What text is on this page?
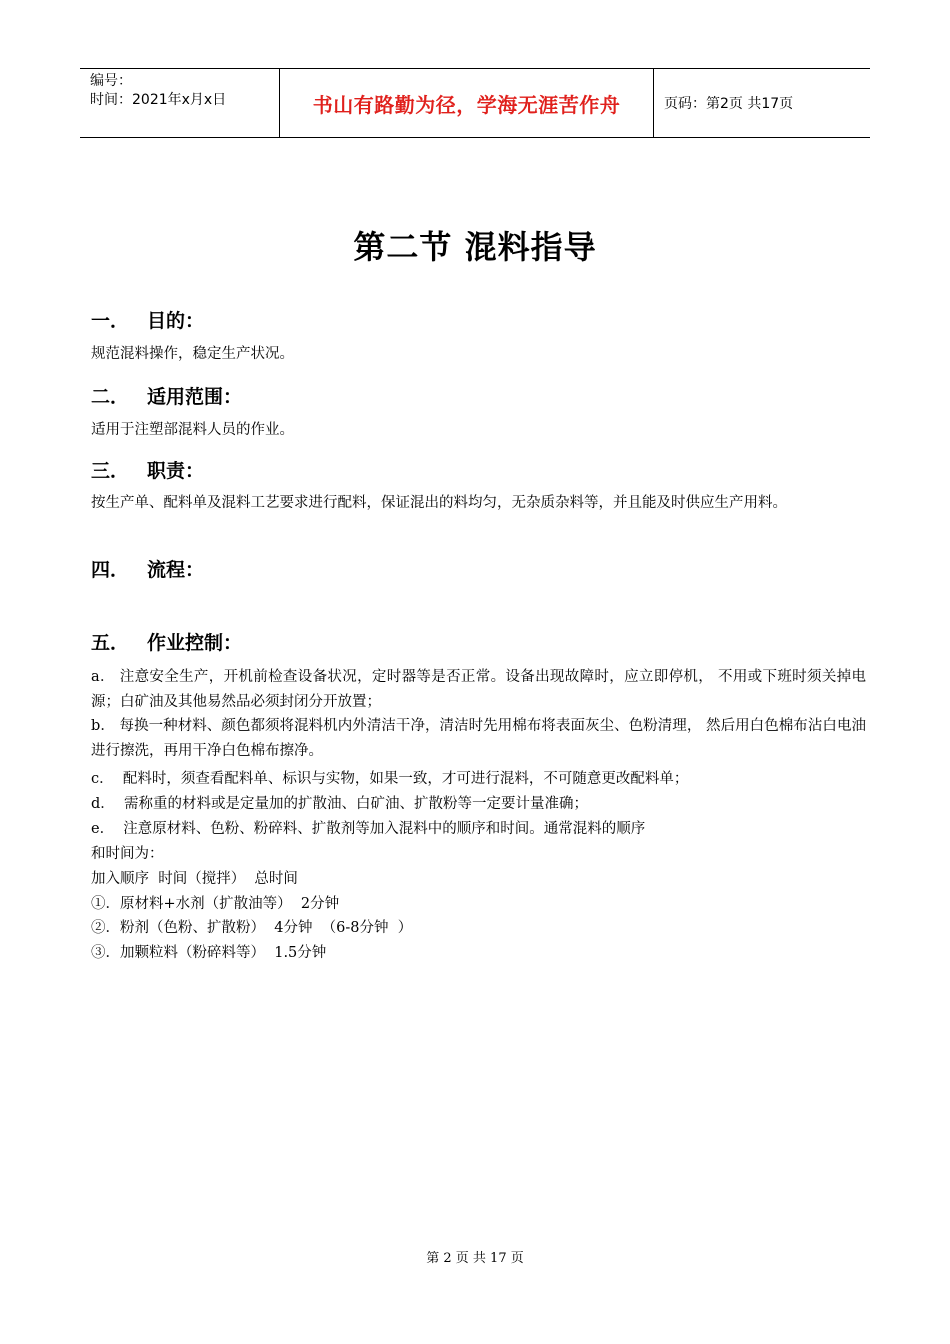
编号：
时间：2021年x月x日	书山有路勤为径，学海无涯苦作舟	页码：第2页 共17页
第二节 混料指导
一． 目的：
规范混料操作，稳定生产状况。
二． 适用范围：
适用于注塑部混料人员的作业。
三． 职责：
按生产单、配料单及混料工艺要求进行配料，保证混出的料均匀，无杂质杂料等，并且能及时供应生产用料。
四． 流程：
五． 作业控制：
a． 注意安全生产，开机前检查设备状况，定时器等是否正常。设备出现故障时，应立即停机， 不用或下班时须关掉电源；白矿油及其他易然品必须封闭分开放置；
b． 每换一种材料、颜色都须将混料机内外清洁干净，清洁时先用棉布将表面灰尘、色粉清理， 然后用白色棉布沾白电油进行擦洗，再用干净白色棉布擦净。
c．  配料时，须查看配料单、标识与实物，如果一致，才可进行混料，不可随意更改配料单；
d．  需称重的材料或是定量加的扩散油、白矿油、扩散粉等一定要计量准确；
e．  注意原材料、色粉、粉碎料、扩散剂等加入混料中的顺序和时间。通常混料的顺序
和时间为：
加入顺序  时间（搅拌）  总时间
①．原材料+水剂（扩散油等）  2分钟
②．粉剂（色粉、扩散粉）  4分钟  （6-8分钟  ）
③．加颗粒料（粉碎料等）  1.5分钟
第 2 页 共 17 页
